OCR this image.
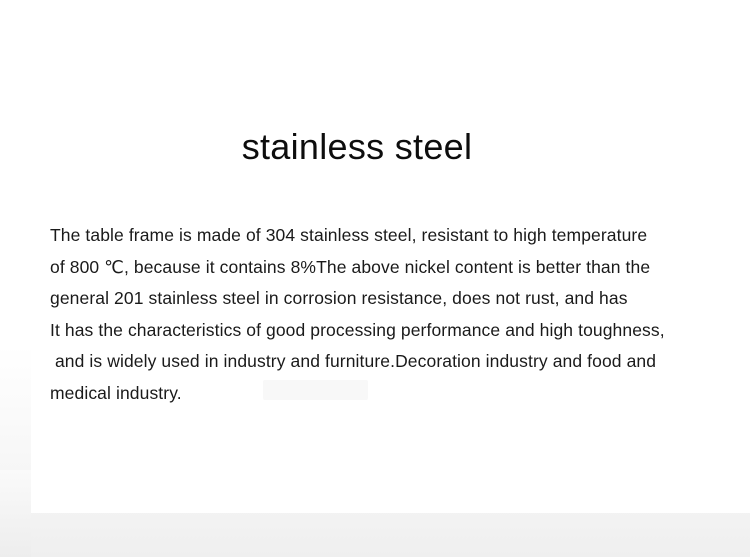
stainless steel
The table frame is made of 304 stainless steel, resistant to high temperature
of 800 ℃, because it contains 8%The above nickel content is better than the
general 201 stainless steel in corrosion resistance, does not rust, and has
It has the characteristics of good processing performance and high toughness,
and is widely used in industry and furniture.Decoration industry and food and
medical industry.
